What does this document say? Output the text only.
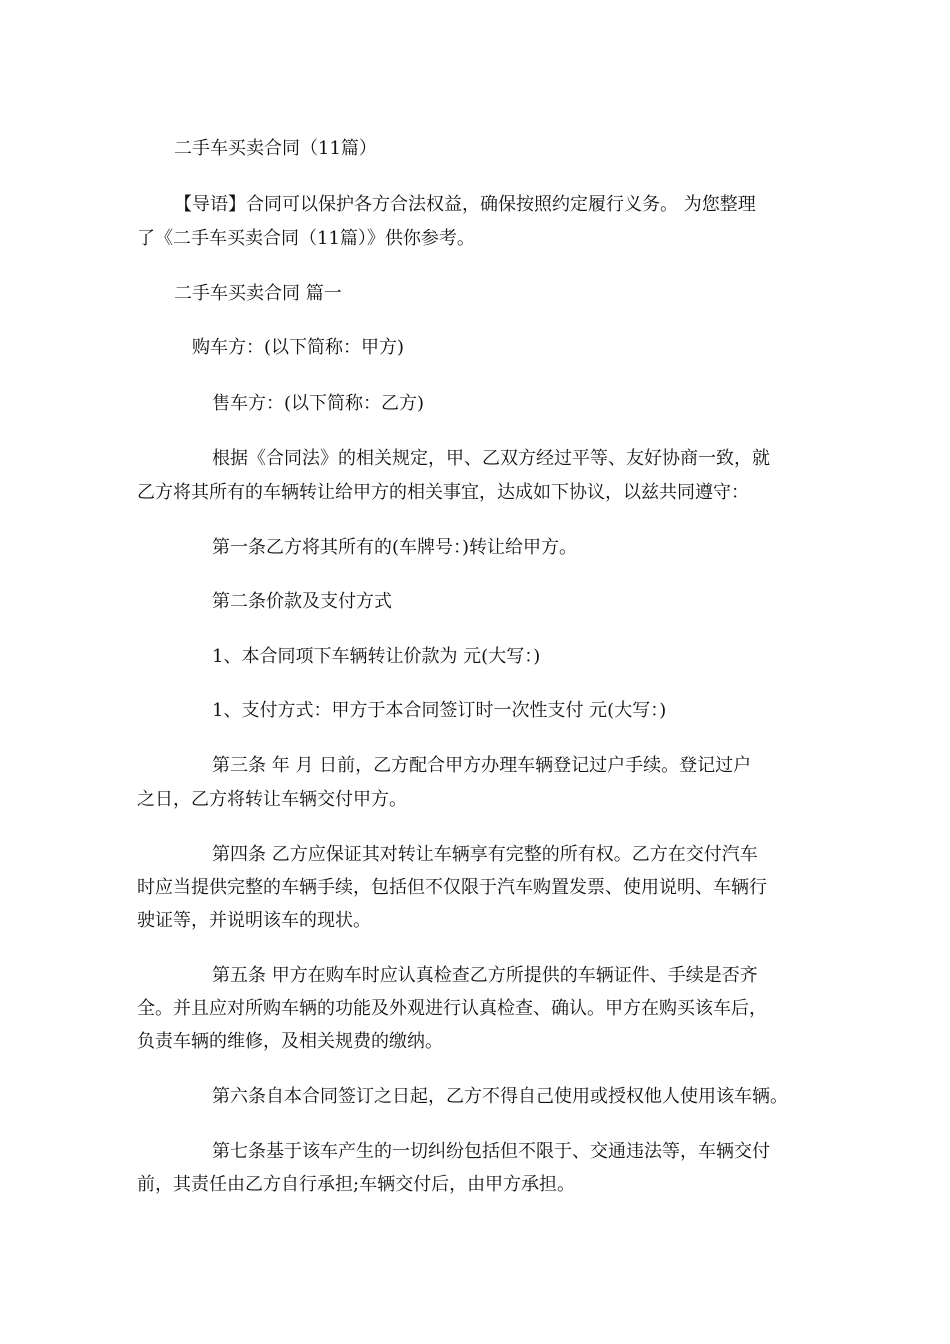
二手车买卖合同（11篇）

【导语】合同可以保护各方合法权益，确保按照约定履行义务。 为您整理

了《二手车买卖合同（11篇）》供你参考。

二手车买卖合同 篇一

购车方：(以下简称：甲方)

售车方：(以下简称：乙方)

根据《合同法》的相关规定，甲、乙双方经过平等、友好协商一致，就

乙方将其所有的车辆转让给甲方的相关事宜，达成如下协议，以兹共同遵守：

第一条乙方将其所有的(车牌号：)转让给甲方。

第二条价款及支付方式

1、本合同项下车辆转让价款为 元(大写：)

1、支付方式：甲方于本合同签订时一次性支付 元(大写：)

第三条 年 月 日前，乙方配合甲方办理车辆登记过户手续。登记过户

之日，乙方将转让车辆交付甲方。

第四条 乙方应保证其对转让车辆享有完整的所有权。乙方在交付汽车

时应当提供完整的车辆手续，包括但不仅限于汽车购置发票、使用说明、车辆行

驶证等，并说明该车的现状。

第五条 甲方在购车时应认真检查乙方所提供的车辆证件、手续是否齐

全。并且应对所购车辆的功能及外观进行认真检查、确认。甲方在购买该车后，

负责车辆的维修，及相关规费的缴纳。

第六条自本合同签订之日起，乙方不得自己使用或授权他人使用该车辆。

第七条基于该车产生的一切纠纷包括但不限于、交通违法等，车辆交付

前，其责任由乙方自行承担;车辆交付后，由甲方承担。
